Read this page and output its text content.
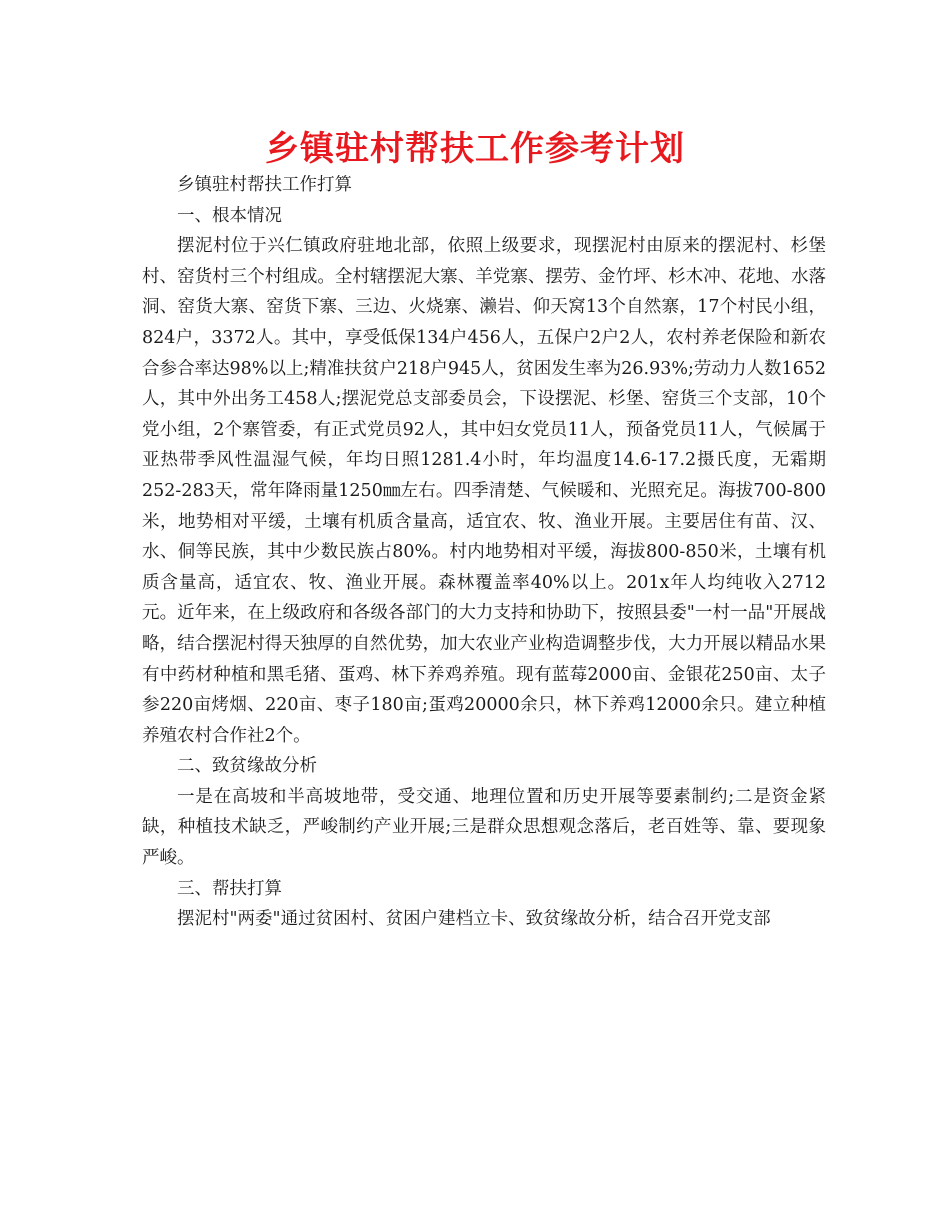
乡镇驻村帮扶工作参考计划

乡镇驻村帮扶工作打算

一、根本情况

摆泥村位于兴仁镇政府驻地北部，依照上级要求，现摆泥村由原来的摆泥村、杉堡村、窑货村三个村组成。全村辖摆泥大寨、羊党寨、摆劳、金竹坪、杉木冲、花地、水落洞、窑货大寨、窑货下寨、三边、火烧寨、濑岩、仰天窝13个自然寨，17个村民小组，824户，3372人。其中，享受低保134户456人，五保户2户2人，农村养老保险和新农合参合率达98%以上;精准扶贫户218户945人，贫困发生率为26.93%;劳动力人数1652人，其中外出务工458人;摆泥党总支部委员会，下设摆泥、杉堡、窑货三个支部，10个党小组，2个寨管委，有正式党员92人，其中妇女党员11人，预备党员11人，气候属于亚热带季风性温湿气候，年均日照1281.4小时，年均温度14.6-17.2摄氏度，无霜期252-283天，常年降雨量1250㎜左右。四季清楚、气候暖和、光照充足。海拔700-800米，地势相对平缓，土壤有机质含量高，适宜农、牧、渔业开展。主要居住有苗、汉、水、侗等民族，其中少数民族占80%。村内地势相对平缓，海拔800-850米，土壤有机质含量高，适宜农、牧、渔业开展。森林覆盖率40%以上。201x年人均纯收入2712元。近年来，在上级政府和各级各部门的大力支持和协助下，按照县委"一村一品"开展战略，结合摆泥村得天独厚的自然优势，加大农业产业构造调整步伐，大力开展以精品水果有中药材种植和黑毛猪、蛋鸡、林下养鸡养殖。现有蓝莓2000亩、金银花250亩、太子参220亩烤烟、220亩、枣子180亩;蛋鸡20000余只，林下养鸡12000余只。建立种植养殖农村合作社2个。

二、致贫缘故分析

一是在高坡和半高坡地带，受交通、地理位置和历史开展等要素制约;二是资金紧缺，种植技术缺乏，严峻制约产业开展;三是群众思想观念落后，老百姓等、靠、要现象严峻。

三、帮扶打算

摆泥村"两委"通过贫困村、贫困户建档立卡、致贫缘故分析，结合召开党支部
